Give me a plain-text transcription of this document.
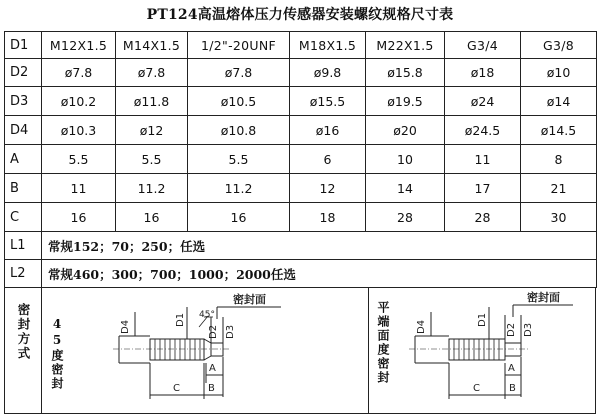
PT124高温熔体压力传感器安装螺纹规格尺寸表
D1	M12X1.5	M14X1.5	1/2"-20UNF	M18X1.5	M22X1.5	G3/4	G3/8
D2	ø7.8	ø7.8	ø7.8	ø9.8	ø15.8	ø18	ø10
D3	ø10.2	ø11.8	ø10.5	ø15.5	ø19.5	ø24	ø14
D4	ø10.3	ø12	ø10.8	ø16	ø20	ø24.5	ø14.5
A	5.5	5.5	5.5	6	10	11	8
B	11	11.2	11.2	12	14	17	21
C	16	16	16	18	28	28	30
L1	常规152；70；250；任选						
L2	常规460；300；700；1000；2000任选						
密封方式 45度密封	平端面度密封
D4	D1
D2 D3
45°
密封面
A
C	B
D4	D1
D2 D3
密封面
A
C	B
